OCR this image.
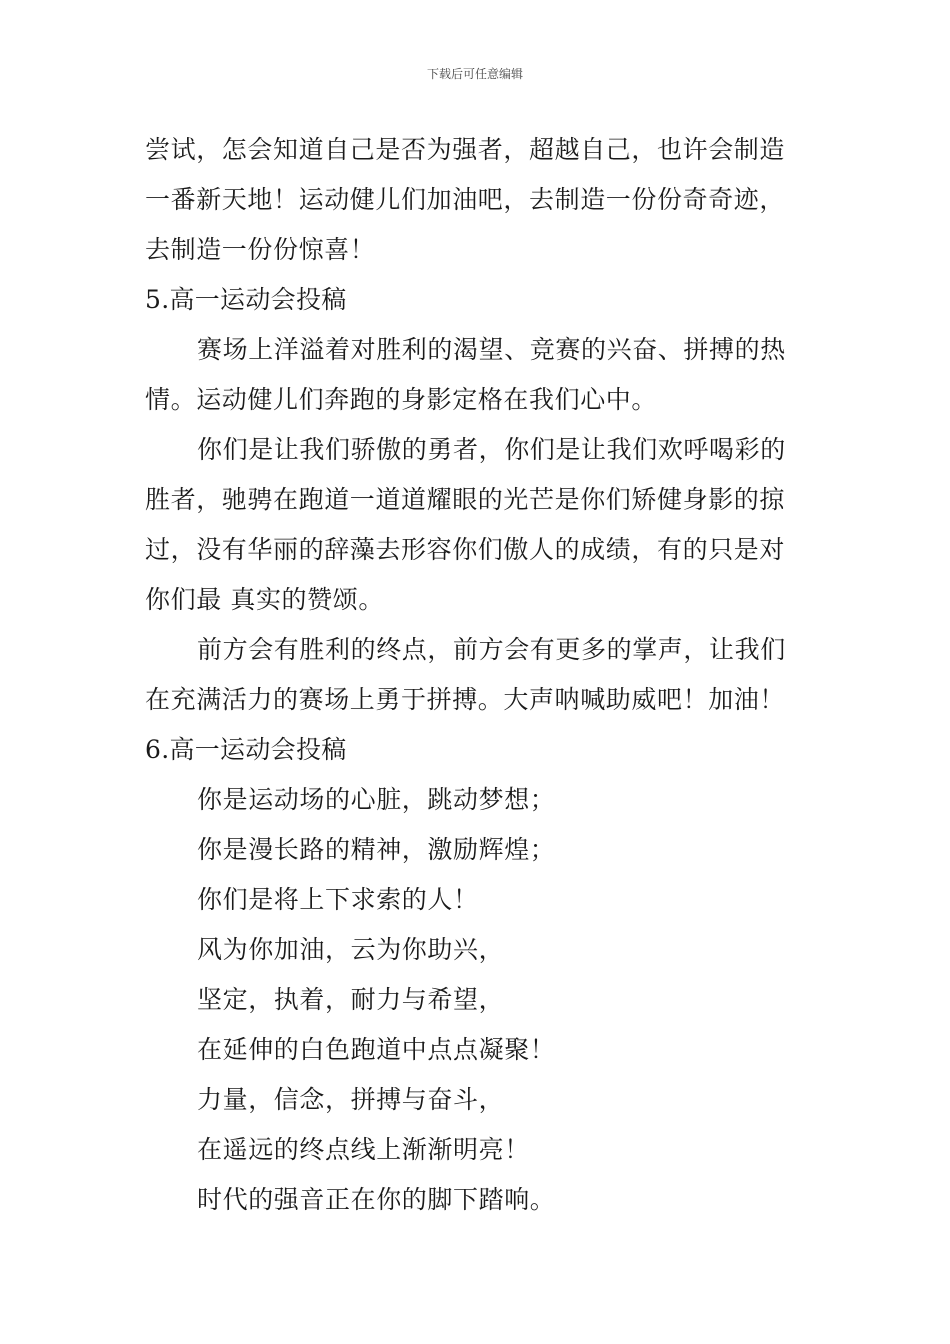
下载后可任意编辑
尝试，怎会知道自己是否为强者，超越自己，也许会制造
一番新天地！运动健儿们加油吧，去制造一份份奇奇迹，
去制造一份份惊喜！
5.高一运动会投稿
赛场上洋溢着对胜利的渴望、竞赛的兴奋、拼搏的热
情。运动健儿们奔跑的身影定格在我们心中。
你们是让我们骄傲的勇者，你们是让我们欢呼喝彩的
胜者，驰骋在跑道一道道耀眼的光芒是你们矫健身影的掠
过，没有华丽的辞藻去形容你们傲人的成绩，有的只是对
你们最 真实的赞颂。
前方会有胜利的终点，前方会有更多的掌声，让我们
在充满活力的赛场上勇于拼搏。大声呐喊助威吧！加油！
6.高一运动会投稿
你是运动场的心脏，跳动梦想；
你是漫长路的精神，激励辉煌；
你们是将上下求索的人！
风为你加油，云为你助兴，
坚定，执着，耐力与希望，
在延伸的白色跑道中点点凝聚！
力量，信念，拼搏与奋斗，
在遥远的终点线上渐渐明亮！
时代的强音正在你的脚下踏响。
